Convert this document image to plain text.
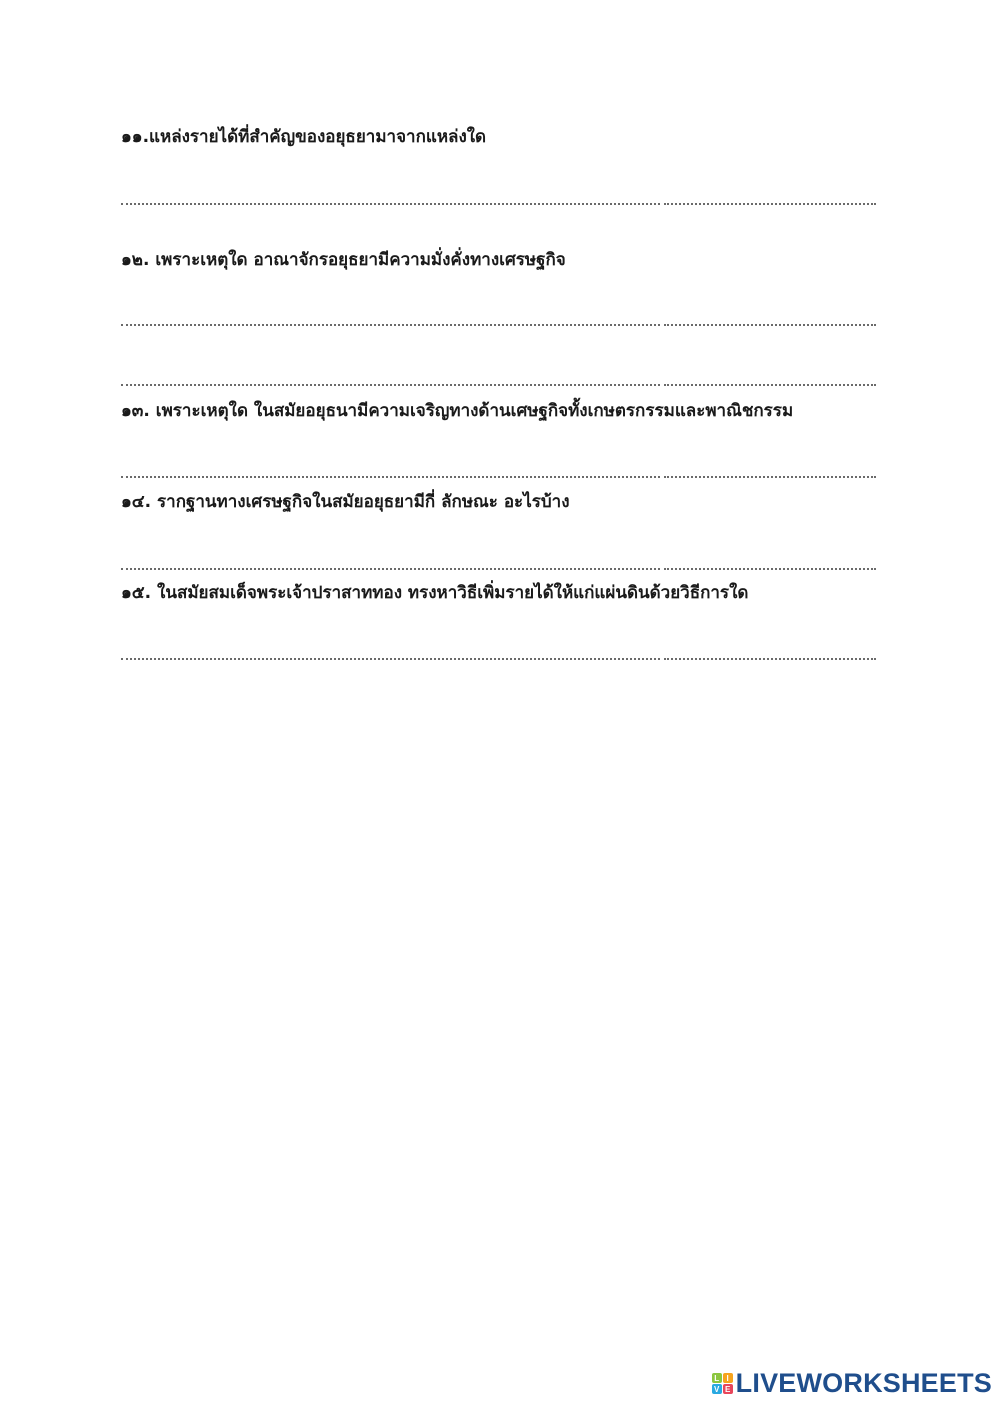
๑๑.แหล่งรายได้ที่สำคัญของอยุธยามาจากแหล่งใด
๑๒. เพราะเหตุใด อาณาจักรอยุธยามีความมั่งคั่งทางเศรษฐกิจ
๑๓. เพราะเหตุใด ในสมัยอยุธนามีความเจริญทางด้านเศษฐกิจทั้งเกษตรกรรมและพาณิชกรรม
๑๔. รากฐานทางเศรษฐกิจในสมัยอยุธยามีกี่ ลักษณะ อะไรบ้าง
๑๕. ในสมัยสมเด็จพระเจ้าปราสาททอง ทรงหาวิธีเพิ่มรายได้ให้แก่แผ่นดินด้วยวิธีการใด
L I
V E LIVEWORKSHEETS
